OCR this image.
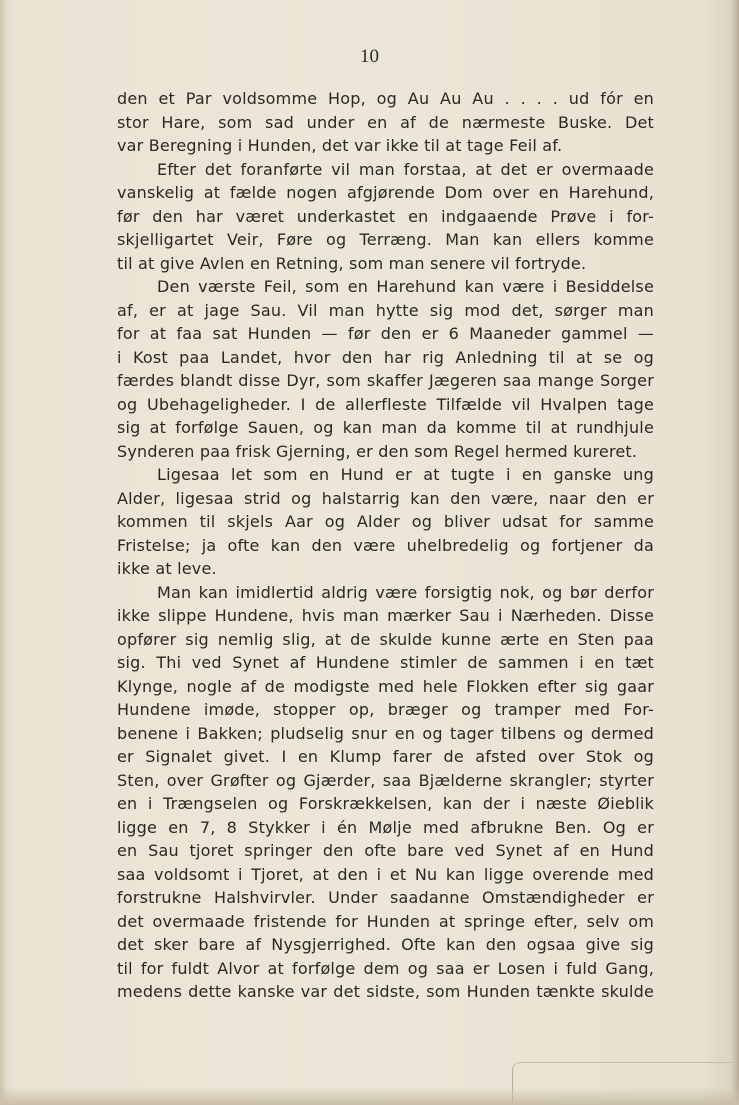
10
den et Par voldsomme Hop, og Au Au Au . . . . ud fór en
stor Hare, som sad under en af de nærmeste Buske. Det
var Beregning i Hunden, det var ikke til at tage Feil af.
Efter det foranførte vil man forstaa, at det er overmaade
vanskelig at fælde nogen afgjørende Dom over en Harehund,
før den har været underkastet en indgaaende Prøve i for-
skjelligartet Veir, Føre og Terræng. Man kan ellers komme
til at give Avlen en Retning, som man senere vil fortryde.
Den værste Feil, som en Harehund kan være i Besiddelse
af, er at jage Sau. Vil man hytte sig mod det, sørger man
for at faa sat Hunden — før den er 6 Maaneder gammel —
i Kost paa Landet, hvor den har rig Anledning til at se og
færdes blandt disse Dyr, som skaffer Jægeren saa mange Sorger
og Ubehageligheder. I de allerfleste Tilfælde vil Hvalpen tage
sig at forfølge Sauen, og kan man da komme til at rundhjule
Synderen paa frisk Gjerning, er den som Regel hermed kureret.
Ligesaa let som en Hund er at tugte i en ganske ung
Alder, ligesaa strid og halstarrig kan den være, naar den er
kommen til skjels Aar og Alder og bliver udsat for samme
Fristelse; ja ofte kan den være uhelbredelig og fortjener da
ikke at leve.
Man kan imidlertid aldrig være forsigtig nok, og bør derfor
ikke slippe Hundene, hvis man mærker Sau i Nærheden. Disse
opfører sig nemlig slig, at de skulde kunne ærte en Sten paa
sig. Thi ved Synet af Hundene stimler de sammen i en tæt
Klynge, nogle af de modigste med hele Flokken efter sig gaar
Hundene imøde, stopper op, bræger og tramper med For-
benene i Bakken; pludselig snur en og tager tilbens og dermed
er Signalet givet. I en Klump farer de afsted over Stok og
Sten, over Grøfter og Gjærder, saa Bjælderne skrangler; styrter
en i Trængselen og Forskrækkelsen, kan der i næste Øieblik
ligge en 7, 8 Stykker i én Mølje med afbrukne Ben. Og er
en Sau tjoret springer den ofte bare ved Synet af en Hund
saa voldsomt i Tjoret, at den i et Nu kan ligge overende med
forstrukne Halshvirvler. Under saadanne Omstændigheder er
det overmaade fristende for Hunden at springe efter, selv om
det sker bare af Nysgjerrighed. Ofte kan den ogsaa give sig
til for fuldt Alvor at forfølge dem og saa er Losen i fuld Gang,
medens dette kanske var det sidste, som Hunden tænkte skulde
